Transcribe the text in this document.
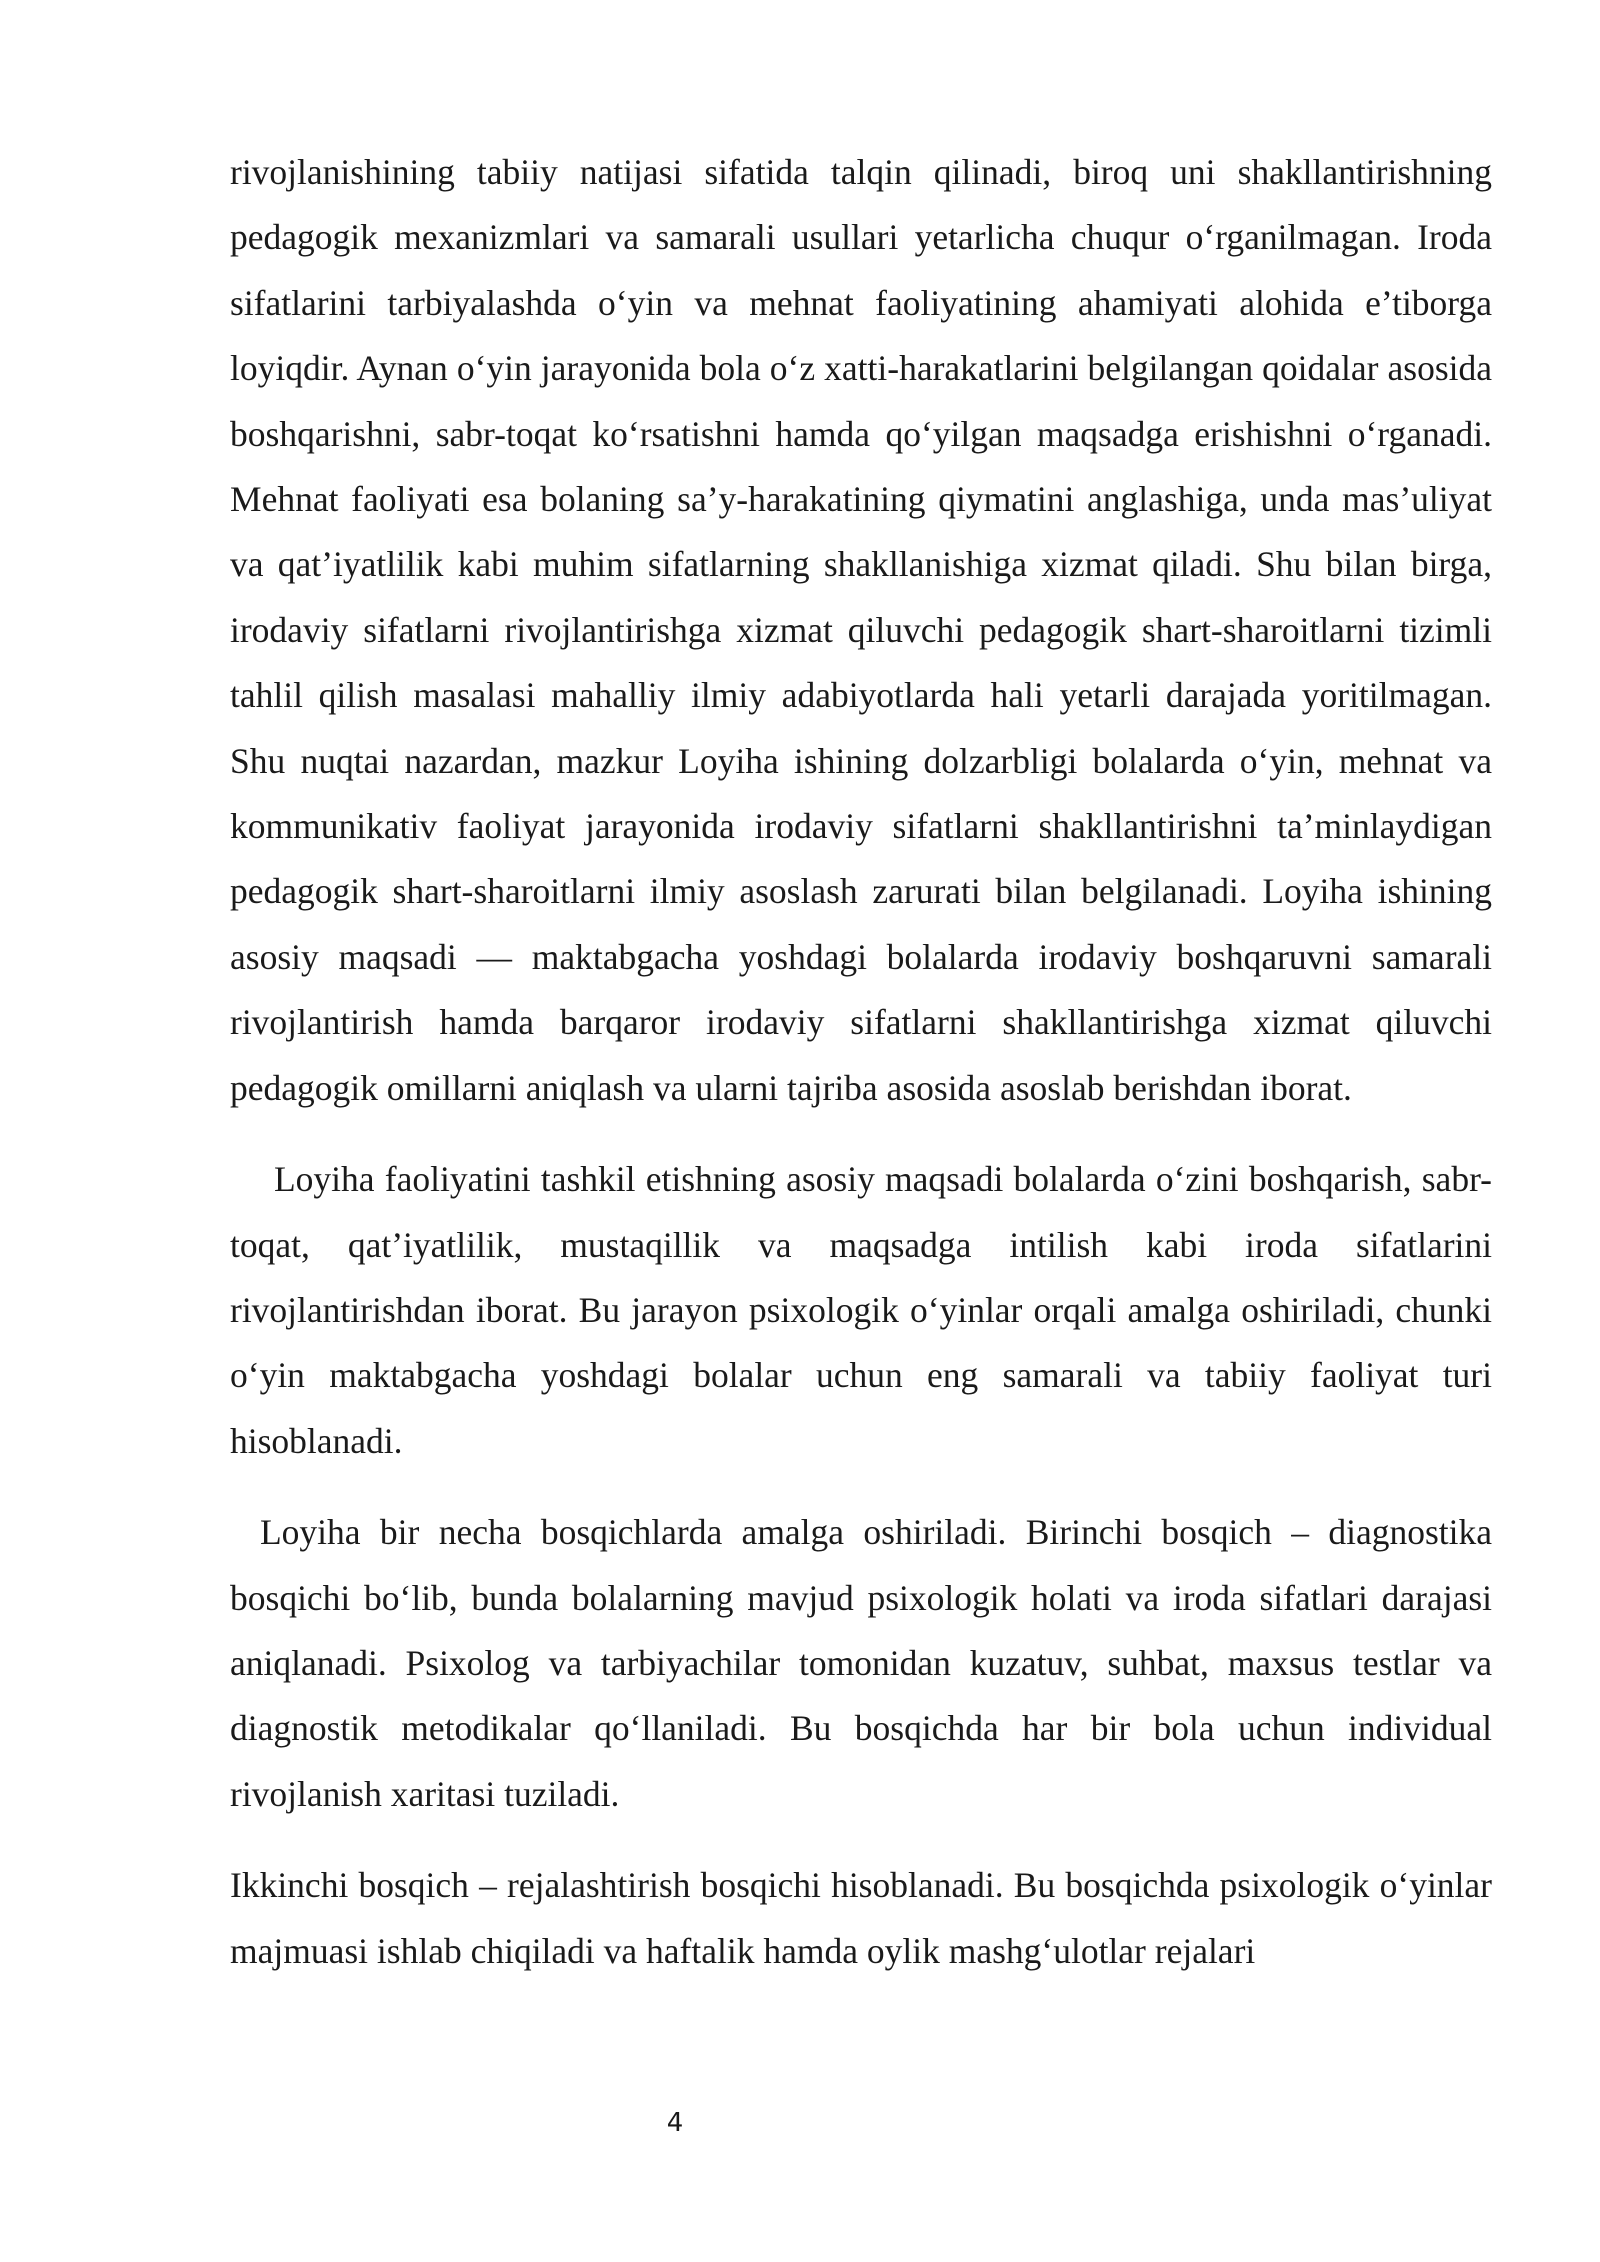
rivojlanishining tabiiy natijasi sifatida talqin qilinadi, biroq uni shakllantirishning pedagogik mexanizmlari va samarali usullari yetarlicha chuqur o‘rganilmagan. Iroda sifatlarini tarbiyalashda o‘yin va mehnat faoliyatining ahamiyati alohida e’tiborga loyiqdir. Aynan o‘yin jarayonida bola o‘z xatti-harakatlarini belgilangan qoidalar asosida boshqarishni, sabr-toqat ko‘rsatishni hamda qo‘yilgan maqsadga erishishni o‘rganadi. Mehnat faoliyati esa bolaning sa’y-harakatining qiymatini anglashiga, unda mas’uliyat va qat’iyatlilik kabi muhim sifatlarning shakllanishiga xizmat qiladi. Shu bilan birga, irodaviy sifatlarni rivojlantirishga xizmat qiluvchi pedagogik shart-sharoitlarni tizimli tahlil qilish masalasi mahalliy ilmiy adabiyotlarda hali yetarli darajada yoritilmagan. Shu nuqtai nazardan, mazkur Loyiha ishining dolzarbligi bolalarda o‘yin, mehnat va kommunikativ faoliyat jarayonida irodaviy sifatlarni shakllantirishni ta’minlaydigan pedagogik shart-sharoitlarni ilmiy asoslash zarurati bilan belgilanadi. Loyiha ishining asosiy maqsadi — maktabgacha yoshdagi bolalarda irodaviy boshqaruvni samarali rivojlantirish hamda barqaror irodaviy sifatlarni shakllantirishga xizmat qiluvchi pedagogik omillarni aniqlash va ularni tajriba asosida asoslab berishdan iborat.

Loyiha faoliyatini tashkil etishning asosiy maqsadi bolalarda o‘zini boshqarish, sabr-toqat, qat’iyatlilik, mustaqillik va maqsadga intilish kabi iroda sifatlarini rivojlantirishdan iborat. Bu jarayon psixologik o‘yinlar orqali amalga oshiriladi, chunki o‘yin maktabgacha yoshdagi bolalar uchun eng samarali va tabiiy faoliyat turi hisoblanadi.

Loyiha bir necha bosqichlarda amalga oshiriladi. Birinchi bosqich – diagnostika bosqichi bo‘lib, bunda bolalarning mavjud psixologik holati va iroda sifatlari darajasi aniqlanadi. Psixolog va tarbiyachilar tomonidan kuzatuv, suhbat, maxsus testlar va diagnostik metodikalar qo‘llaniladi. Bu bosqichda har bir bola uchun individual rivojlanish xaritasi tuziladi.

Ikkinchi bosqich – rejalashtirish bosqichi hisoblanadi. Bu bosqichda psixologik o‘yinlar majmuasi ishlab chiqiladi va haftalik hamda oylik mashg‘ulotlar rejalari

4
